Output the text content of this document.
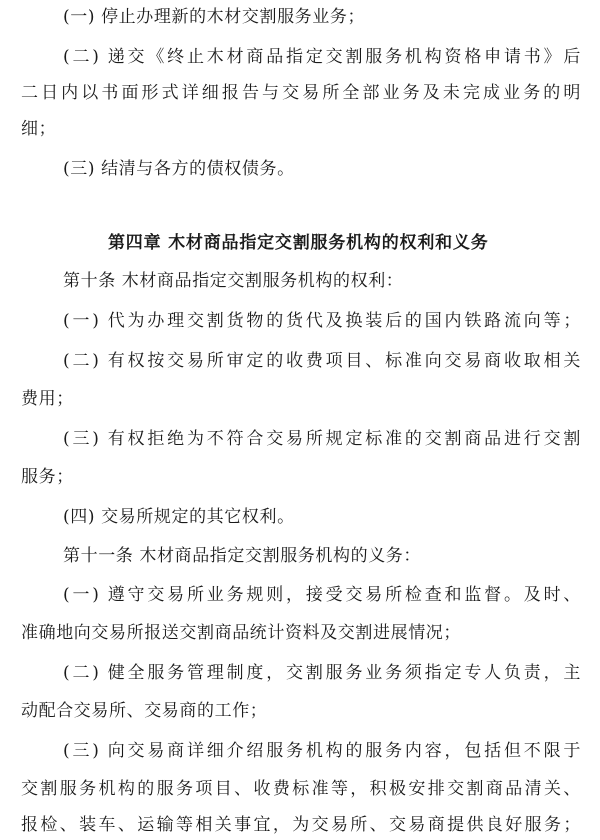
(一) 停止办理新的木材交割服务业务；
(二) 递交《终止木材商品指定交割服务机构资格申请书》后
二日内以书面形式详细报告与交易所全部业务及未完成业务的明
细；
(三) 结清与各方的债权债务。
第四章 木材商品指定交割服务机构的权利和义务
第十条 木材商品指定交割服务机构的权利：
(一) 代为办理交割货物的货代及换装后的国内铁路流向等；
(二) 有权按交易所审定的收费项目、标准向交易商收取相关
费用；
(三) 有权拒绝为不符合交易所规定标准的交割商品进行交割
服务；
(四) 交易所规定的其它权利。
第十一条 木材商品指定交割服务机构的义务：
(一) 遵守交易所业务规则，接受交易所检查和监督。及时、
准确地向交易所报送交割商品统计资料及交割进展情况；
(二) 健全服务管理制度，交割服务业务须指定专人负责，主
动配合交易所、交易商的工作；
(三) 向交易商详细介绍服务机构的服务内容，包括但不限于
交割服务机构的服务项目、收费标准等，积极安排交割商品清关、
报检、装车、运输等相关事宜，为交易所、交易商提供良好服务；
